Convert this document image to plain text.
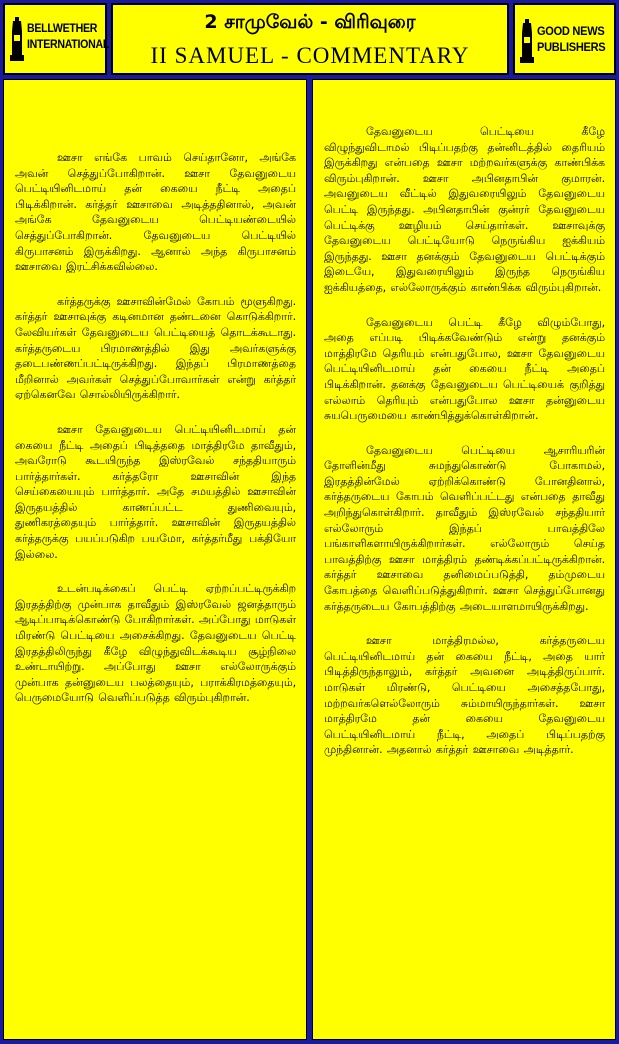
BELLWETHER
INTERNATIONAL
2 சாமுவேல் - விரிவுரை
II SAMUEL - COMMENTARY
GOOD NEWS
PUBLISHERS

ஊசா எங்கே பாவம் செய்தானோ, அங்கே அவன் செத்துப்போகிறான். ஊசா தேவனுடைய பெட்டியினிடமாய் தன் கையை நீட்டி அதைப் பிடிக்கிறான். கர்த்தர் ஊசாவை அடித்ததினால், அவன் அங்கே தேவனுடைய பெட்டியண்டையில் செத்துப்போகிறான். தேவனுடைய பெட்டியில் கிருபாசனம் இருக்கிறது. ஆனால் அந்த கிருபாசனம் ஊசாவை இரட்சிக்கவில்லை.

கர்த்தருக்கு ஊசாவின்மேல் கோபம் மூளுகிறது. கர்த்தர் ஊசாவுக்கு கடினமான தண்டனை கொடுக்கிறார். லேவியர்கள் தேவனுடைய பெட்டியைத் தொடக்கூடாது. கர்த்தருடைய பிரமாணத்தில் இது அவர்களுக்கு தடைபண்ணப்பட்டிருக்கிறது. இந்தப் பிரமாணத்தை மீறினால் அவர்கள் செத்துப்போவார்கள் என்று கர்த்தர் ஏற்கெனவே சொல்லியிருக்கிறார்.

ஊசா தேவனுடைய பெட்டியினிடமாய் தன் கையை நீட்டி அதைப் பிடித்ததை மாத்திரமே தாவீதும், அவரோடு கூடயிருந்த இஸ்ரவேல் சந்ததியாரும் பார்த்தார்கள். கர்த்தரோ ஊசாவின் இந்த செய்கையையும் பார்த்தார். அதே சமயத்தில் ஊசாவின் இருதயத்தில் காணப்பட்ட துணிவையும், துணிகரத்தையும் பார்த்தார். ஊசாவின் இருதயத்தில் கர்த்தருக்கு பயப்படுகிற பயமோ, கர்த்தர்மீது பக்தியோ இல்லை.

உடன்படிக்கைப் பெட்டி ஏற்றப்பட்டிருக்கிற இரதத்திற்கு முன்பாக தாவீதும் இஸ்ரவேல் ஜனத்தாரும் ஆடிப்பாடிக்கொண்டு போகிறார்கள். அப்போது மாடுகள் மிரண்டு பெட்டியை அசைக்கிறது. தேவனுடைய பெட்டி இரதத்திலிருந்து கீழே விழுந்துவிடக்கூடிய சூழ்நிலை உண்டாயிற்று. அப்போது ஊசா எல்லோருக்கும் முன்பாக தன்னுடைய பலத்தையும், பராக்கிரமத்தையும், பெருமையோடு வெளிப்படுத்த விரும்புகிறான்.

தேவனுடைய பெட்டியை கீழே விழுந்துவிடாமல் பிடிப்பதற்கு தன்னிடத்தில் தைரியம் இருக்கிறது என்பதை ஊசா மற்றவர்களுக்கு காண்பிக்க விரும்புகிறான். ஊசா அபினதாபின் குமாரன். அவனுடைய வீட்டில் இதுவரையிலும் தேவனுடைய பெட்டி இருந்தது. அபினதாபின் குன்ரர் தேவனுடைய பெட்டிக்கு ஊழியம் செய்தார்கள். ஊசாவுக்கு தேவனுடைய பெட்டியோடு நெருங்கிய ஐக்கியம் இருந்தது. ஊசா தனக்கும் தேவனுடைய பெட்டிக்கும் இடையே, இதுவரையிலும் இருந்த நெருங்கிய ஐக்கியத்தை, எல்லோருக்கும் காண்பிக்க விரும்புகிறான்.

தேவனுடைய பெட்டி கீழே விழும்போது, அதை எப்படி பிடிக்கவேண்டும் என்று தனக்கும் மாத்திரமே தெரியும் என்பதுபோல, ஊசா தேவனுடைய பெட்டியினிடமாய் தன் கையை நீட்டி அதைப் பிடிக்கிறான். தனக்கு தேவனுடைய பெட்டியைக் குறித்து எல்லாம் தெரியும் என்பதுபோல ஊசா தன்னுடைய சுயபெருமையை காண்பித்துக்கொள்கிறான்.

தேவனுடைய பெட்டியை ஆசாரியரின் தோளின்மீது சுமந்துகொண்டு போகாமல், இரதத்தின்மேல் ஏற்றிக்கொண்டு போனதினால், கர்த்தருடைய கோபம் வெளிப்பட்டது என்பதை தாவீது அறிந்துகொள்கிறார். தாவீதும் இஸ்ரவேல் சந்ததியார் எல்லோரும் இந்தப் பாவத்திலே பங்காளிகளாயிருக்கிறார்கள். எல்லோரும் செய்த பாவத்திற்கு ஊசா மாத்திரம் தண்டிக்கப்பட்டிருக்கிறான். கர்த்தர் ஊசாவை தனிமைப்படுத்தி, தம்முடைய கோபத்தை வெளிப்படுத்துகிறார். ஊசா செத்துப்போனது கர்த்தருடைய கோபத்திற்கு அடையாளமாயிருக்கிறது.

ஊசா மாத்திரமல்ல, கர்த்தருடைய பெட்டியினிடமாய் தன் கையை நீட்டி, அதை யார் பிடித்திருந்தாலும், கர்த்தர் அவனை அடித்திருப்பார். மாடுகள் மிரண்டு, பெட்டியை அசைத்தபோது, மற்றவர்களெல்லோரும் சும்மாயிருந்தார்கள். ஊசா மாத்திரமே தன் கையை தேவனுடைய பெட்டியினிடமாய் நீட்டி, அதைப் பிடிப்பதற்கு முந்தினான். அதனால் கர்த்தர் ஊசாவை அடித்தார்.
